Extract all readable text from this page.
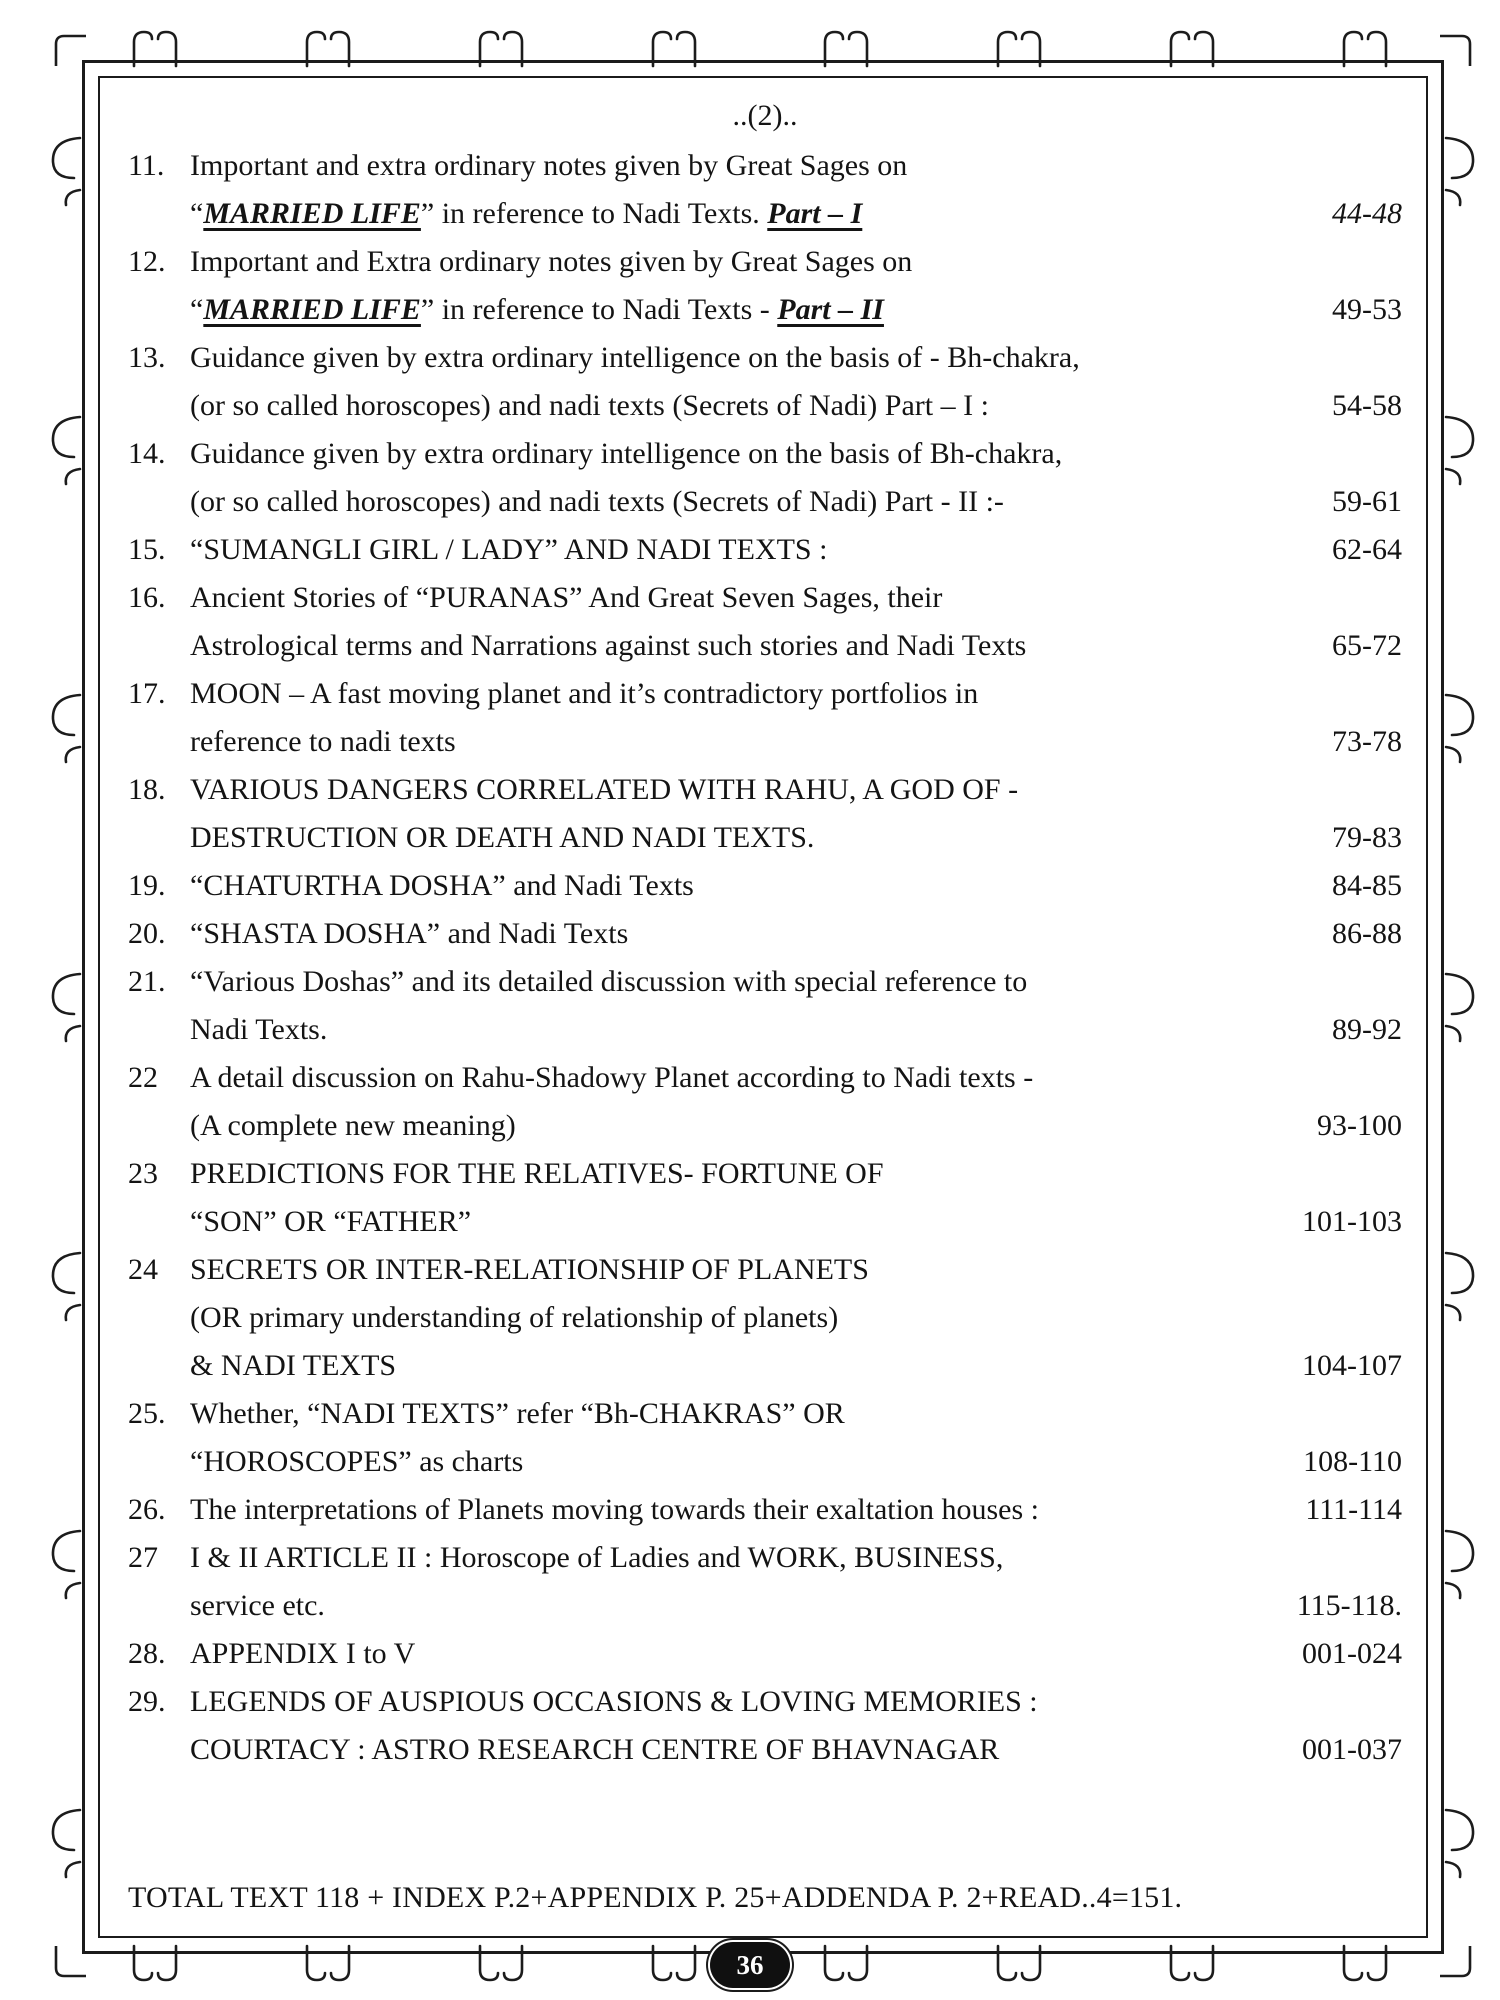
..(2)..
11. Important and extra ordinary notes given by Great Sages on
“MARRIED LIFE” in reference to Nadi Texts. Part – I	44-48
12. Important and Extra ordinary notes given by Great Sages on
“MARRIED LIFE” in reference to Nadi Texts - Part – II	49-53
13. Guidance given by extra ordinary intelligence on the basis of - Bh-chakra,
(or so called horoscopes) and nadi texts (Secrets of Nadi) Part – I :	54-58
14. Guidance given by extra ordinary intelligence on the basis of Bh-chakra,
(or so called horoscopes) and nadi texts (Secrets of Nadi) Part - II :-	59-61
15. “SUMANGLI GIRL / LADY” AND NADI TEXTS :	62-64
16. Ancient Stories of “PURANAS” And Great Seven Sages, their
Astrological terms and Narrations against such stories and Nadi Texts	65-72
17. MOON – A fast moving planet and it’s contradictory portfolios in
reference to nadi texts	73-78
18. VARIOUS DANGERS CORRELATED WITH RAHU, A GOD OF -
DESTRUCTION OR DEATH AND NADI TEXTS.	79-83
19. “CHATURTHA DOSHA” and Nadi Texts	84-85
20. “SHASTA DOSHA” and Nadi Texts	86-88
21. “Various Doshas” and its detailed discussion with special reference to
Nadi Texts.	89-92
22	A detail discussion on Rahu-Shadowy Planet according to Nadi texts -
(A complete new meaning)	93-100
23	PREDICTIONS FOR THE RELATIVES- FORTUNE OF
“SON” OR “FATHER”	101-103
24	SECRETS OR INTER-RELATIONSHIP OF PLANETS
(OR primary understanding of relationship of planets)
& NADI TEXTS	104-107
25. Whether, “NADI TEXTS” refer “Bh-CHAKRAS” OR
“HOROSCOPES” as charts	108-110
26. The interpretations of Planets moving towards their exaltation houses :	111-114
27	I & II ARTICLE II : Horoscope of Ladies and WORK, BUSINESS,
service etc.	115-118.
28. APPENDIX I to V	001-024
29. LEGENDS OF AUSPIOUS OCCASIONS & LOVING MEMORIES :
COURTACY : ASTRO RESEARCH CENTRE OF BHAVNAGAR	001-037
TOTAL TEXT 118 + INDEX P.2+APPENDIX P. 25+ADDENDA P. 2+READ..4=151.
36
